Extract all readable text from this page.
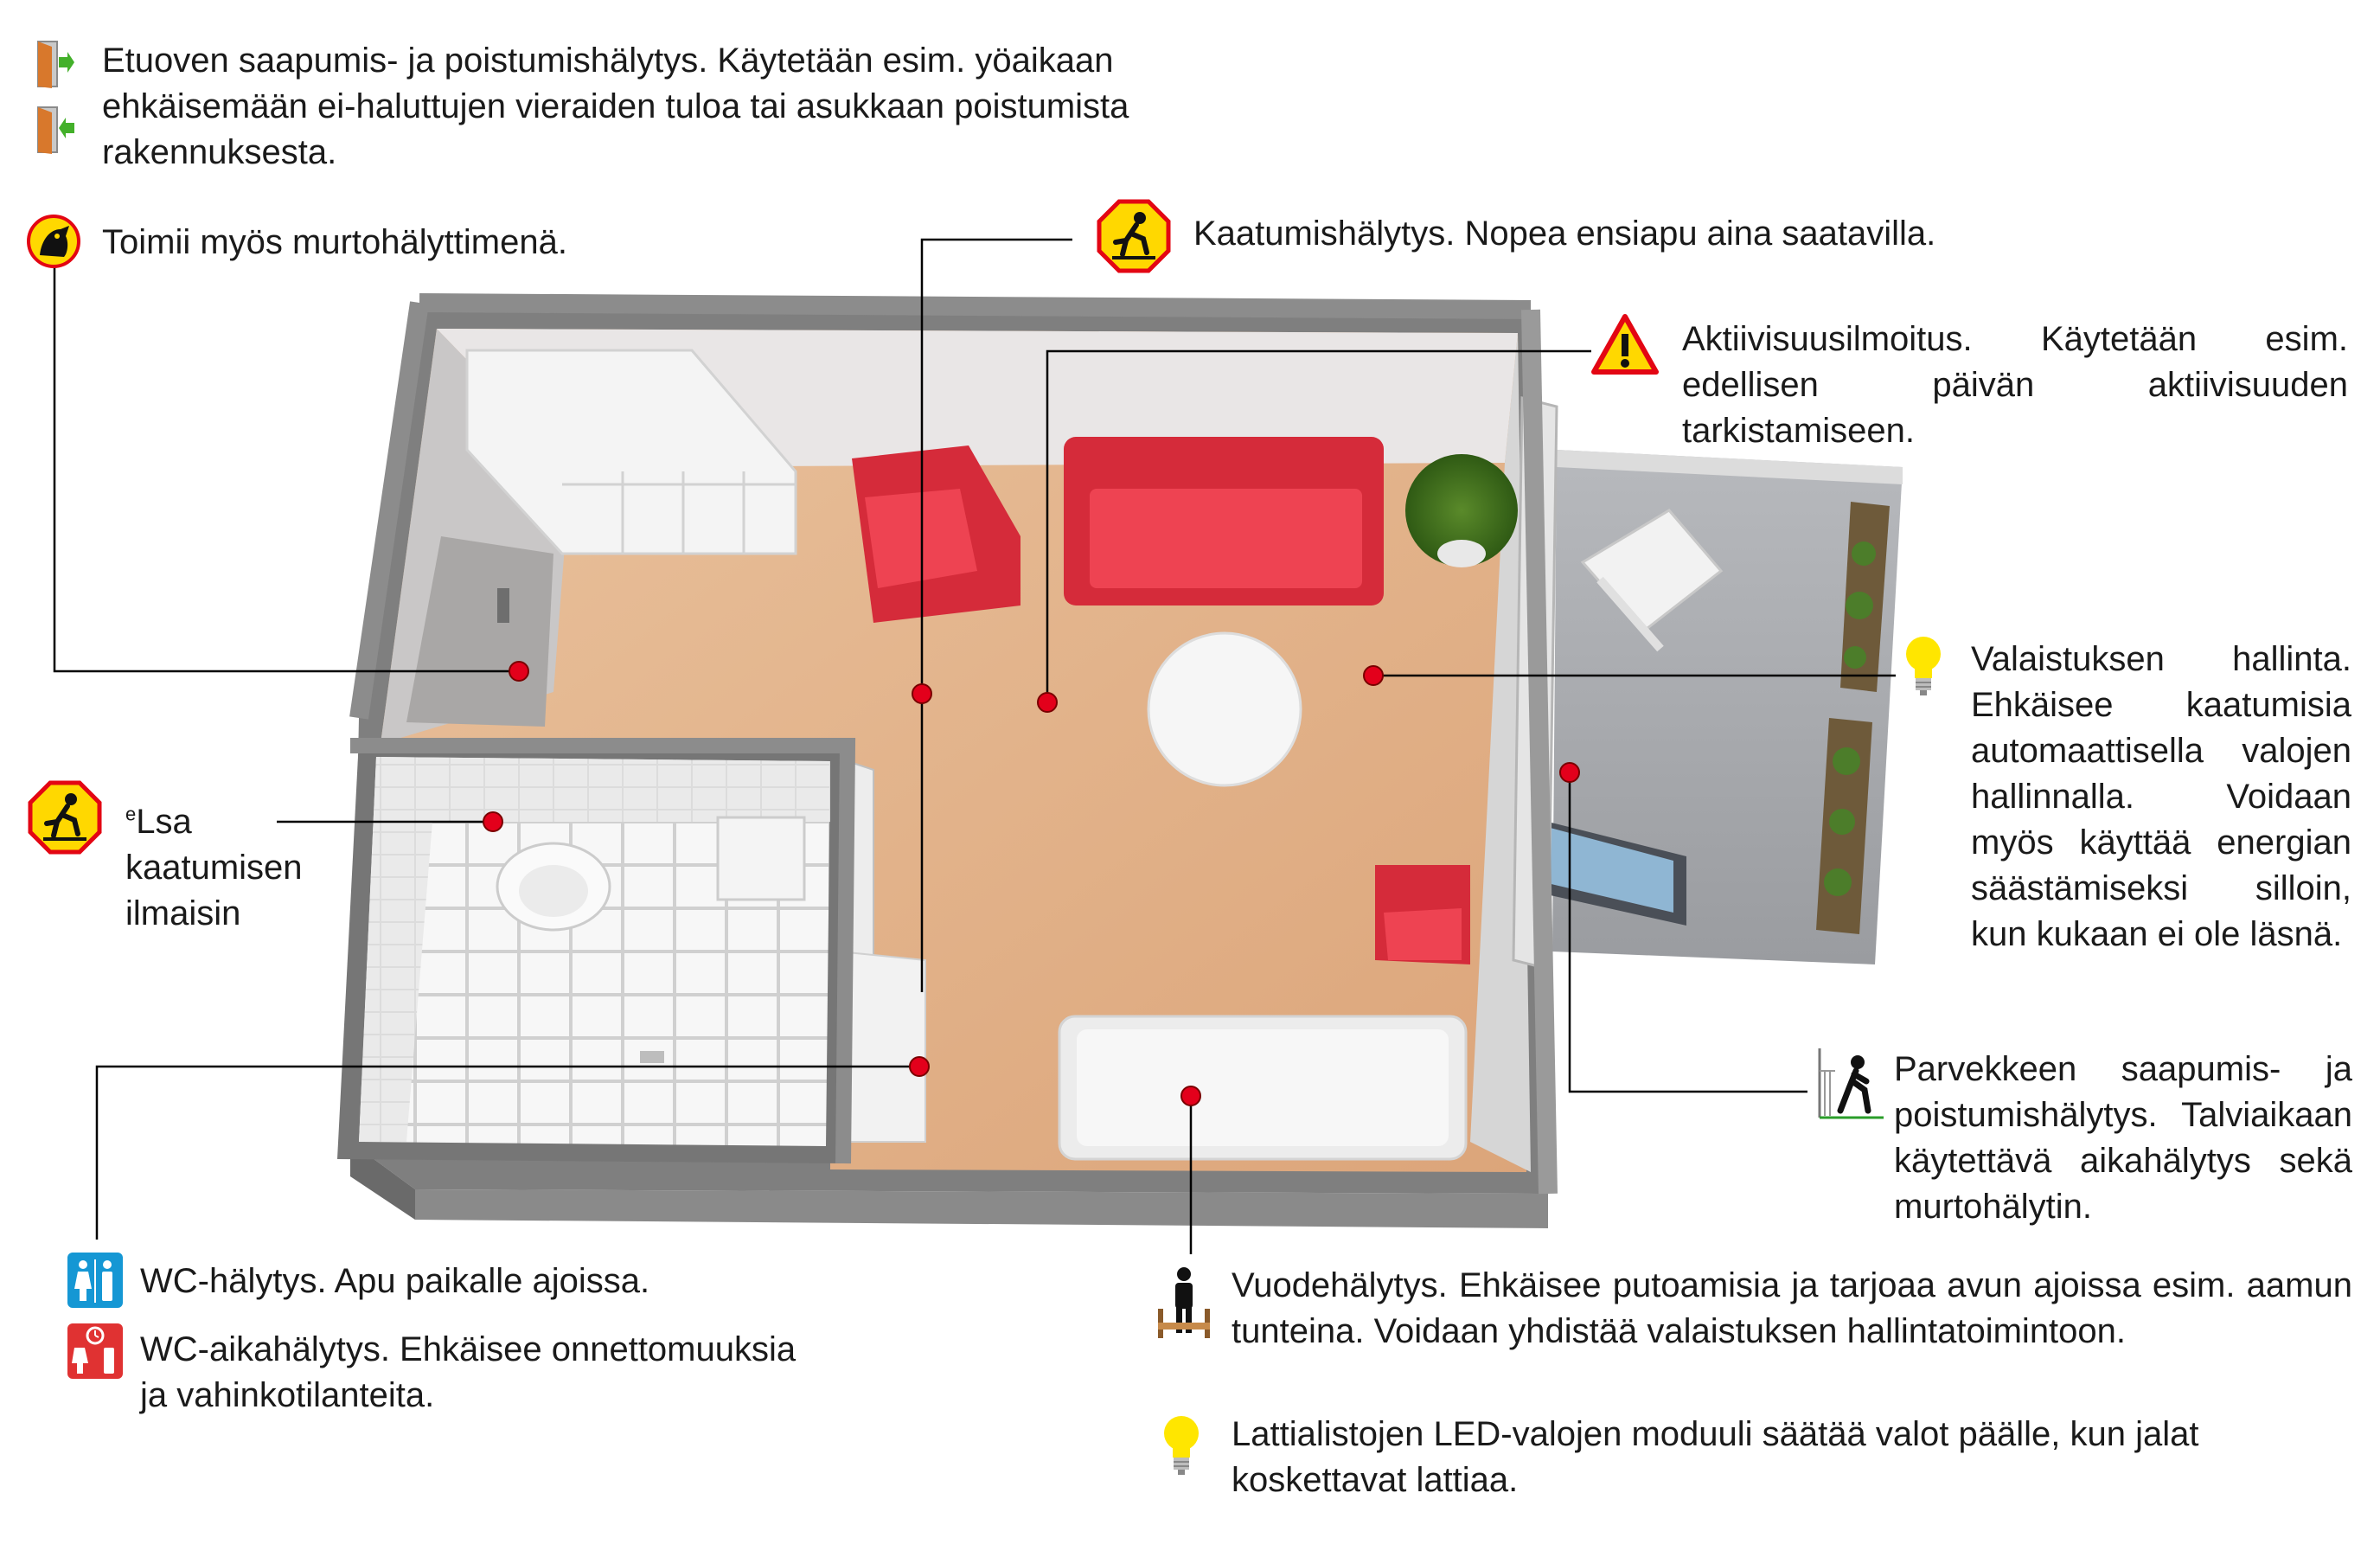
Etuoven saapumis- ja poistumishälytys. Käytetään esim. yöaikaan ehkäisemään ei-haluttujen vieraiden tuloa tai asukkaan poistumista rakennuksesta.
Toimii myös murtohälyttimenä.	Kaatumishälytys. Nopea ensiapu aina saatavilla.
Aktiivisuusilmoitus. Käytetään esim. edellisen päivän aktiivisuuden tarkistamiseen.
Valaistuksen hallinta. Ehkäisee kaatumisia automaattisella valojen hallinnalla. Voidaan myös käyttää energian säästämiseksi silloin, kun kukaan ei ole läsnä.
$^e$Lsa kaatumisen ilmaisin
Parvekkeen saapumis- ja poistumishälytys. Talviaikaan käytettävä aikahälytys sekä murtohälytin.
WC-hälytys. Apu paikalle ajoissa.
WC-aikahälytys. Ehkäisee onnettomuuksia ja vahinkotilanteita.
Vuodehälytys. Ehkäisee putoamisia ja tarjoaa avun ajoissa esim. aamun tunteina. Voidaan yhdistää valaistuksen hallintatoimintoon.
Lattialistojen LED-valojen moduuli säätää valot päälle, kun jalat koskettavat lattiaa.
